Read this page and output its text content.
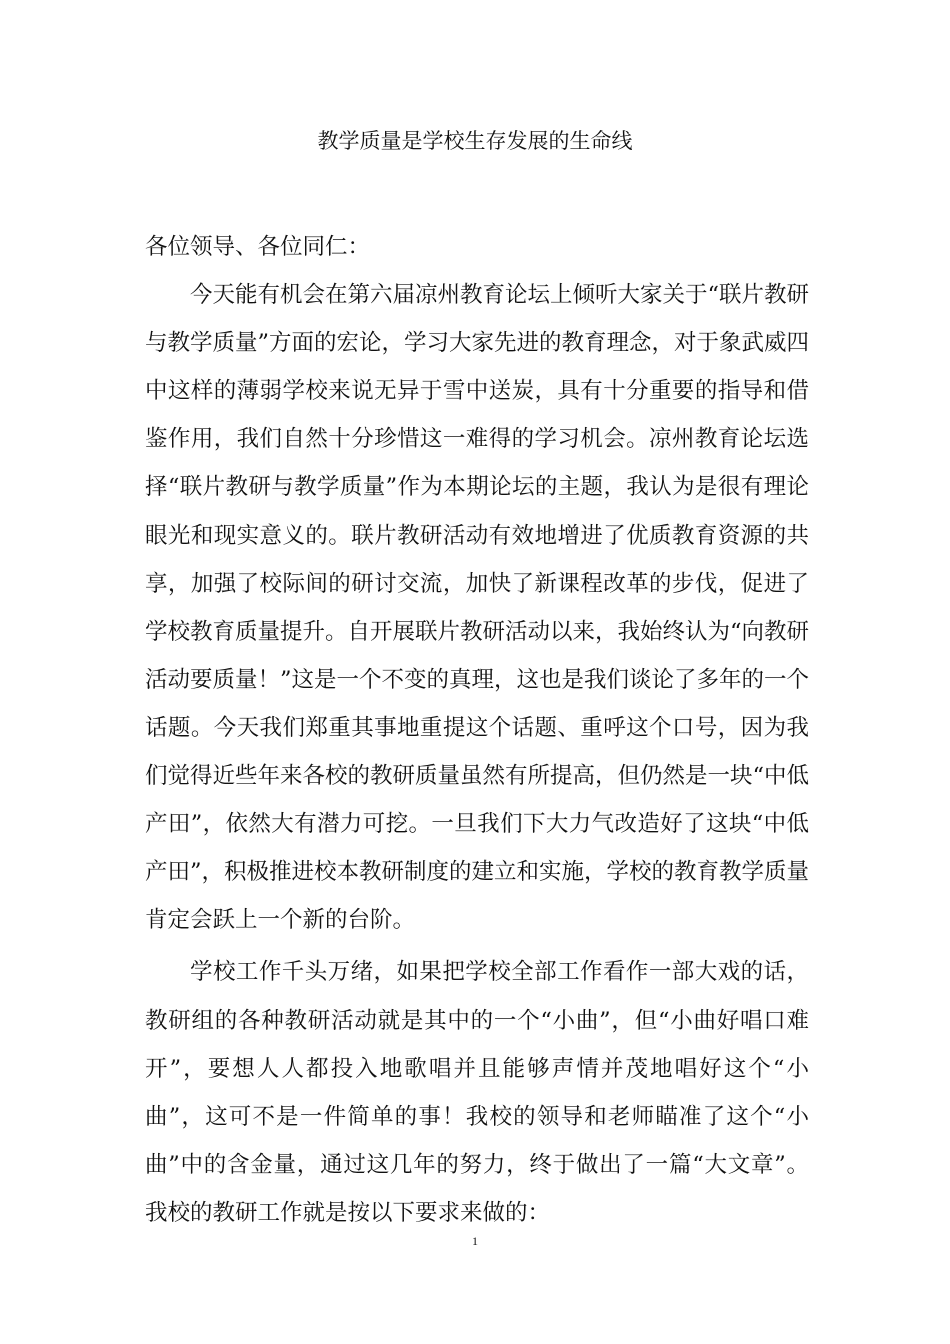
教学质量是学校生存发展的生命线

各位领导、各位同仁：

今天能有机会在第六届凉州教育论坛上倾听大家关于“联片教研与教学质量”方面的宏论，学习大家先进的教育理念，对于象武威四中这样的薄弱学校来说无异于雪中送炭，具有十分重要的指导和借鉴作用，我们自然十分珍惜这一难得的学习机会。凉州教育论坛选择“联片教研与教学质量”作为本期论坛的主题，我认为是很有理论眼光和现实意义的。联片教研活动有效地增进了优质教育资源的共享，加强了校际间的研讨交流，加快了新课程改革的步伐，促进了学校教育质量提升。自开展联片教研活动以来，我始终认为“向教研活动要质量！”这是一个不变的真理，这也是我们谈论了多年的一个话题。今天我们郑重其事地重提这个话题、重呼这个口号，因为我们觉得近些年来各校的教研质量虽然有所提高，但仍然是一块“中低产田”，依然大有潜力可挖。一旦我们下大力气改造好了这块“中低产田”，积极推进校本教研制度的建立和实施，学校的教育教学质量肯定会跃上一个新的台阶。

学校工作千头万绪，如果把学校全部工作看作一部大戏的话，教研组的各种教研活动就是其中的一个“小曲”，但“小曲好唱口难开”，要想人人都投入地歌唱并且能够声情并茂地唱好这个“小曲”，这可不是一件简单的事！我校的领导和老师瞄准了这个“小曲”中的含金量，通过这几年的努力，终于做出了一篇“大文章”。我校的教研工作就是按以下要求来做的：

1
